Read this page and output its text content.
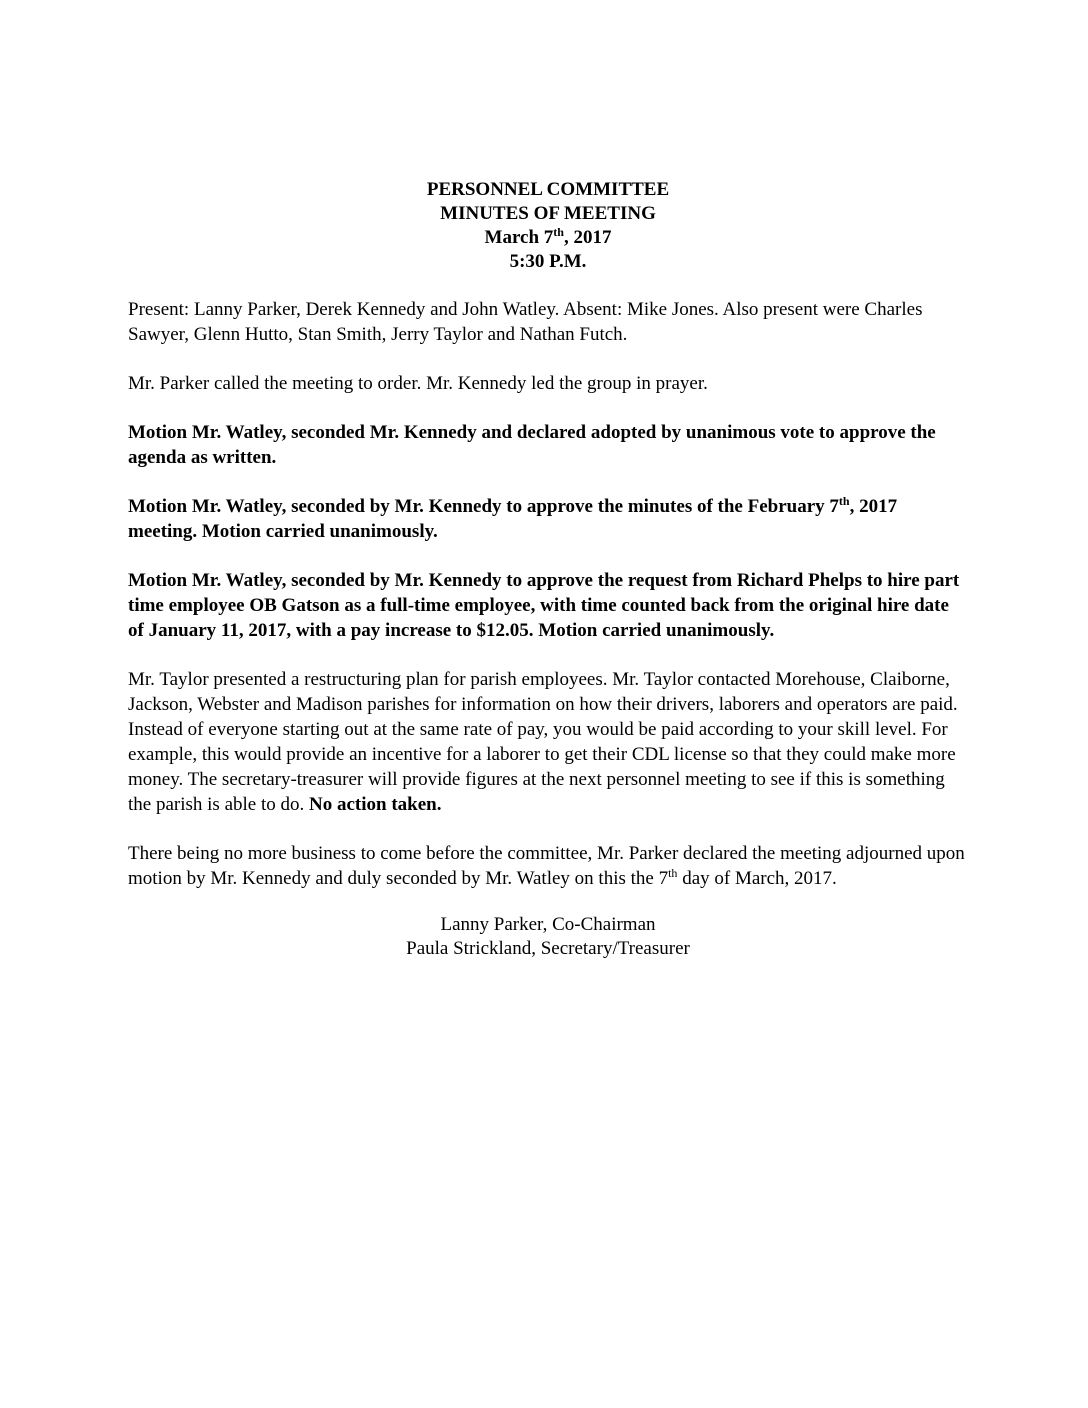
PERSONNEL COMMITTEE
MINUTES OF MEETING
March 7th, 2017
5:30 P.M.

Present: Lanny Parker, Derek Kennedy and John Watley. Absent: Mike Jones. Also present were Charles Sawyer, Glenn Hutto, Stan Smith, Jerry Taylor and Nathan Futch.

Mr. Parker called the meeting to order. Mr. Kennedy led the group in prayer.

Motion Mr. Watley, seconded Mr. Kennedy and declared adopted by unanimous vote to approve the agenda as written.

Motion Mr. Watley, seconded by Mr. Kennedy to approve the minutes of the February 7th, 2017 meeting. Motion carried unanimously.

Motion Mr. Watley, seconded by Mr. Kennedy to approve the request from Richard Phelps to hire part time employee OB Gatson as a full-time employee, with time counted back from the original hire date of January 11, 2017, with a pay increase to $12.05. Motion carried unanimously.

Mr. Taylor presented a restructuring plan for parish employees. Mr. Taylor contacted Morehouse, Claiborne, Jackson, Webster and Madison parishes for information on how their drivers, laborers and operators are paid. Instead of everyone starting out at the same rate of pay, you would be paid according to your skill level. For example, this would provide an incentive for a laborer to get their CDL license so that they could make more money. The secretary-treasurer will provide figures at the next personnel meeting to see if this is something the parish is able to do. No action taken.

There being no more business to come before the committee, Mr. Parker declared the meeting adjourned upon motion by Mr. Kennedy and duly seconded by Mr. Watley on this the 7th day of March, 2017.

Lanny Parker, Co-Chairman
Paula Strickland, Secretary/Treasurer
